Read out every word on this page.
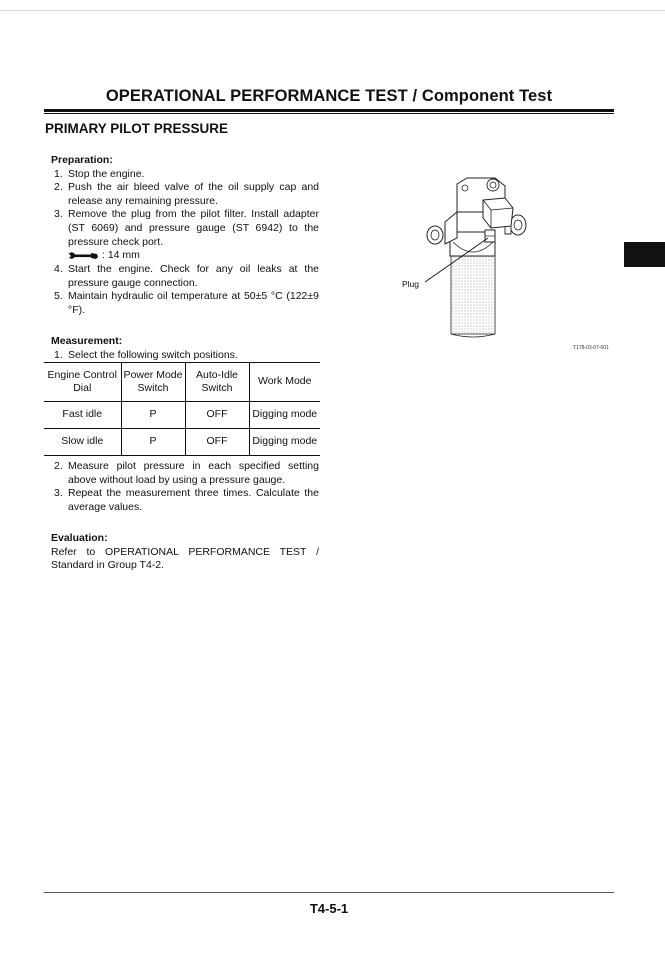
OPERATIONAL PERFORMANCE TEST / Component Test
PRIMARY PILOT PRESSURE
Preparation:
1. Stop the engine.
2. Push the air bleed valve of the oil supply cap and release any remaining pressure.
3. Remove the plug from the pilot filter. Install adapter (ST 6069) and pressure gauge (ST 6942) to the pressure check port.
: 14 mm
4. Start the engine. Check for any oil leaks at the pressure gauge connection.
5. Maintain hydraulic oil temperature at 50±5 °C (122±9 °F).
Measurement:
1. Select the following switch positions.
Engine Control Dial	Power Mode Switch	Auto-Idle Switch	Work Mode
Fast idle	P	OFF	Digging mode
Slow idle	P	OFF	Digging mode
2. Measure pilot pressure in each specified setting above without load by using a pressure gauge.
3. Repeat the measurement three times. Calculate the average values.
Evaluation:
Refer to OPERATIONAL PERFORMANCE TEST / Standard in Group T4-2.
Plug
T178-03-07-001
T4-5-1
